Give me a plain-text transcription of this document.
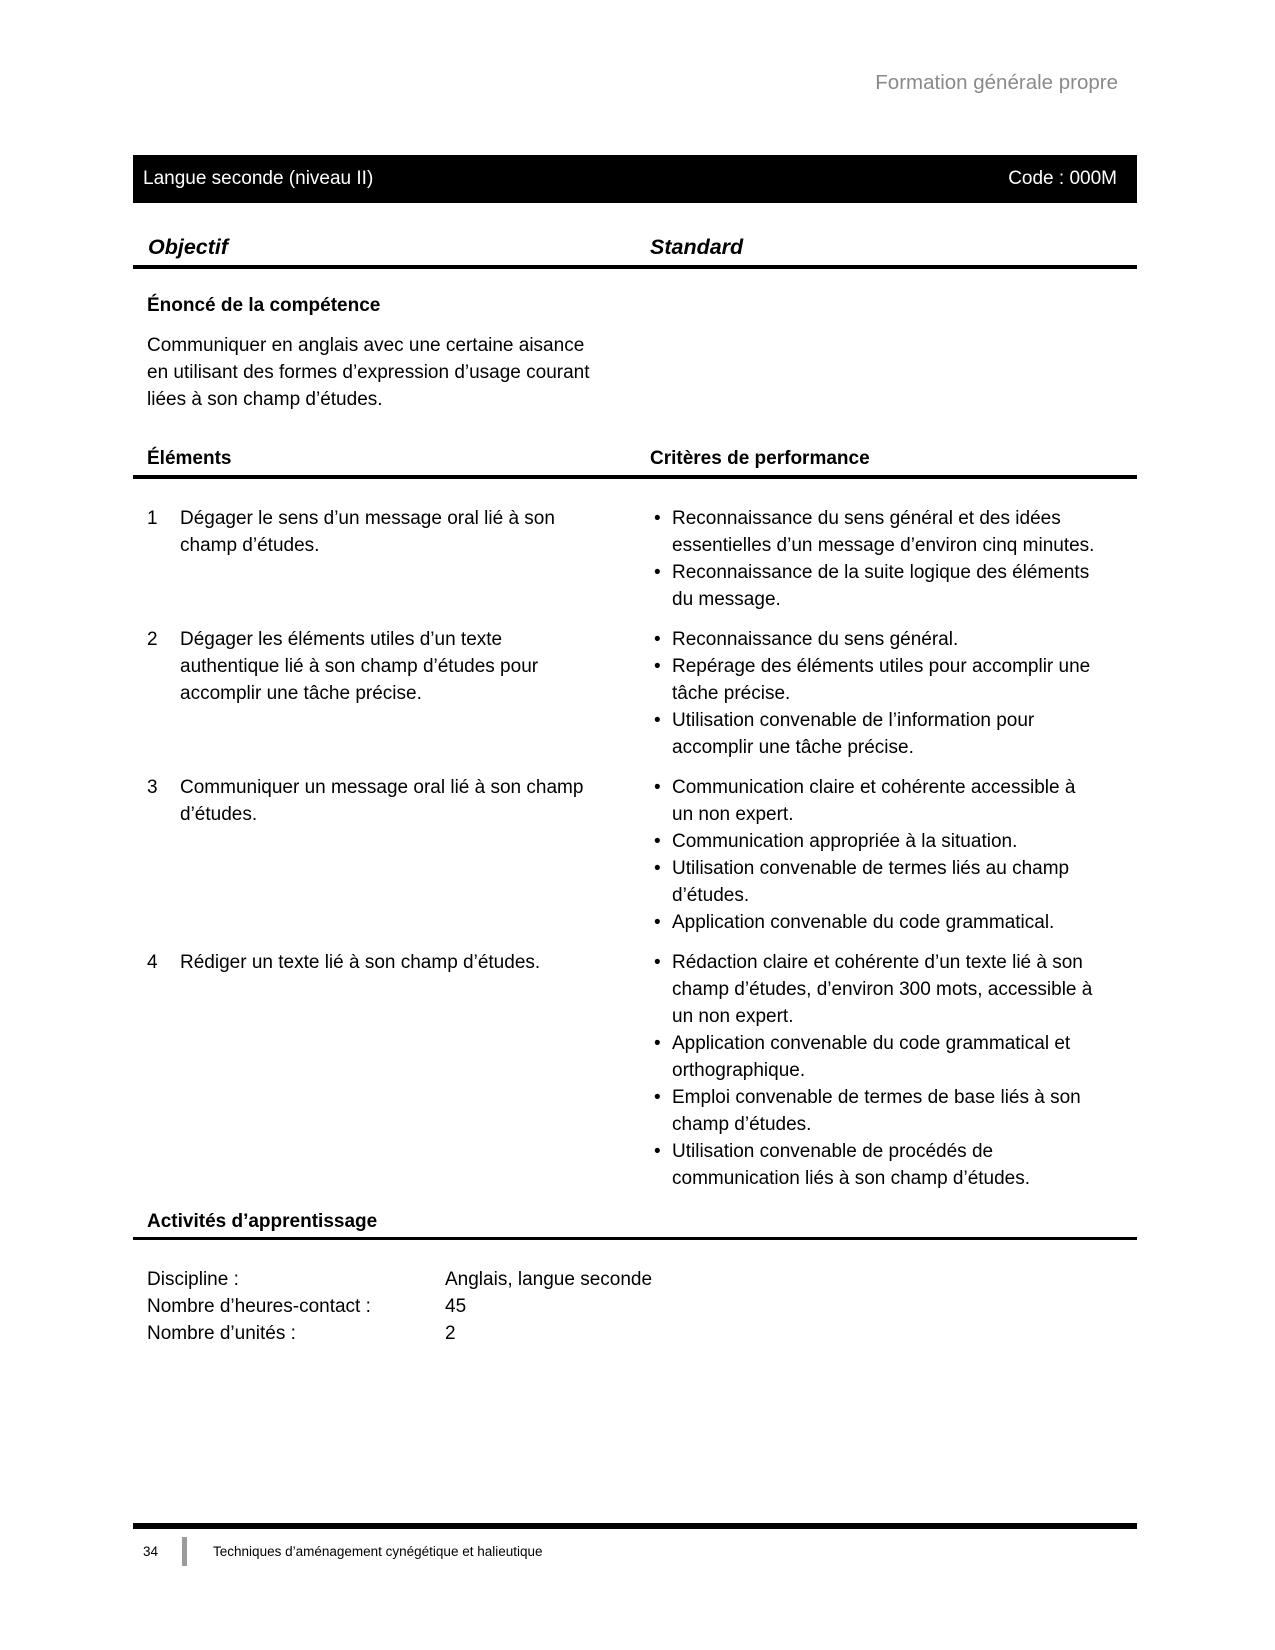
Formation générale propre
Langue seconde (niveau II)	Code : 000M
Objectif	Standard
Énoncé de la compétence
Communiquer en anglais avec une certaine aisance en utilisant des formes d’expression d’usage courant liées à son champ d’études.
Éléments	Critères de performance
1	Dégager le sens d’un message oral lié à son champ d’études.
• Reconnaissance du sens général et des idées essentielles d’un message d’environ cinq minutes.
• Reconnaissance de la suite logique des éléments du message.
2	Dégager les éléments utiles d’un texte authentique lié à son champ d’études pour accomplir une tâche précise.
• Reconnaissance du sens général.
• Repérage des éléments utiles pour accomplir une tâche précise.
• Utilisation convenable de l’information pour accomplir une tâche précise.
3	Communiquer un message oral lié à son champ d’études.
• Communication claire et cohérente accessible à un non expert.
• Communication appropriée à la situation.
• Utilisation convenable de termes liés au champ d’études.
• Application convenable du code grammatical.
4	Rédiger un texte lié à son champ d’études.	• Rédaction claire et cohérente d’un texte lié à son champ d’études, d’environ 300 mots, accessible à un non expert.
• Application convenable du code grammatical et orthographique.
• Emploi convenable de termes de base liés à son champ d’études.
• Utilisation convenable de procédés de communication liés à son champ d’études.
Activités d’apprentissage
Discipline :	Anglais, langue seconde
Nombre d’heures-contact :	45
Nombre d’unités :	2
34	Techniques d’aménagement cynégétique et halieutique
